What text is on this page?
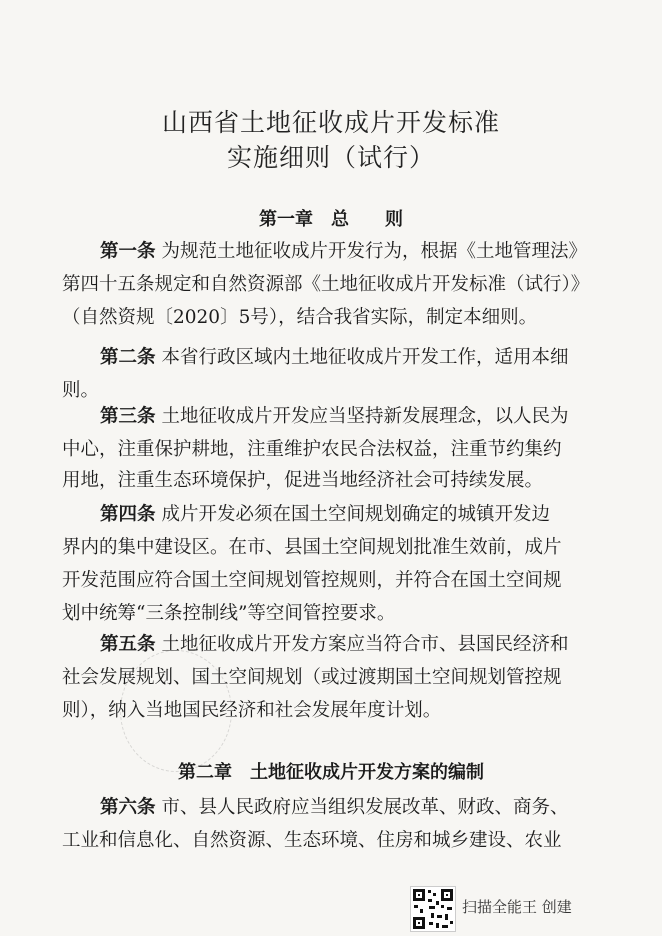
山西省土地征收成片开发标准
实施细则（试行）
第一章　总　　则
第一条 为规范土地征收成片开发行为，根据《土地管理法》
第四十五条规定和自然资源部《土地征收成片开发标准（试行）》
（自然资规〔2020〕5号），结合我省实际，制定本细则。
第二条 本省行政区域内土地征收成片开发工作，适用本细
则。
第三条 土地征收成片开发应当坚持新发展理念，以人民为
中心，注重保护耕地，注重维护农民合法权益，注重节约集约
用地，注重生态环境保护，促进当地经济社会可持续发展。
第四条 成片开发必须在国土空间规划确定的城镇开发边
界内的集中建设区。在市、县国土空间规划批准生效前，成片
开发范围应符合国土空间规划管控规则，并符合在国土空间规
划中统筹“三条控制线”等空间管控要求。
第五条 土地征收成片开发方案应当符合市、县国民经济和
社会发展规划、国土空间规划（或过渡期国土空间规划管控规
则），纳入当地国民经济和社会发展年度计划。
第二章　土地征收成片开发方案的编制
第六条 市、县人民政府应当组织发展改革、财政、商务、
工业和信息化、自然资源、生态环境、住房和城乡建设、农业
扫描全能王 创建
